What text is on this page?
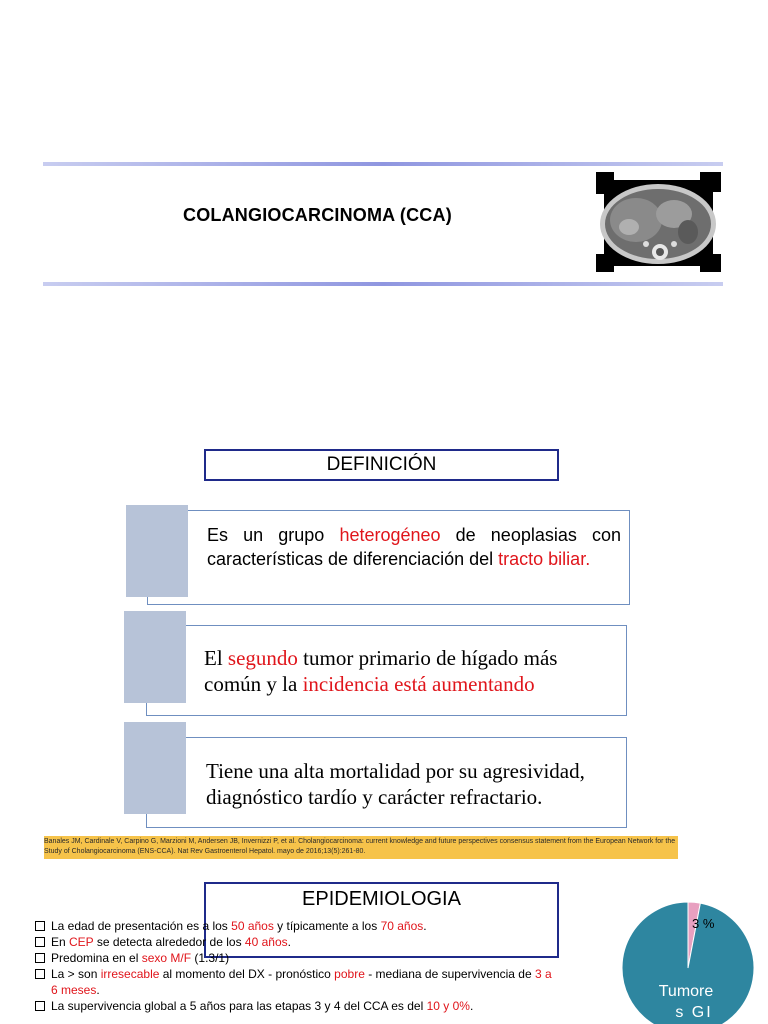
COLANGIOCARCINOMA (CCA)
DEFINICIÓN
Es un grupo heterogéneo de neoplasias con características de diferenciación del tracto biliar.
El segundo tumor primario de hígado más común y la incidencia está aumentando
Tiene una alta mortalidad por su agresividad, diagnóstico tardío y carácter refractario.
Banales JM, Cardinale V, Carpino G, Marzioni M, Andersen JB, Invernizzi P, et al. Cholangiocarcinoma: current knowledge and future perspectives consensus statement from the European Network for the Study of Cholangiocarcinoma (ENS-CCA). Nat Rev Gastroenterol Hepatol. mayo de 2016;13(5):261-80.
EPIDEMIOLOGIA
La edad de presentación es a los 50 años y típicamente a los 70 años.
En CEP se detecta alrededor de los 40 años.
Predomina en el sexo M/F (1.3/1)
La > son irresecable al momento del DX - pronóstico pobre - mediana de supervivencia de 3 a 6 meses.
La supervivencia global a 5 años para las etapas 3 y 4 del CCA es del 10 y 0%.
3 %
Tumore
s GI
